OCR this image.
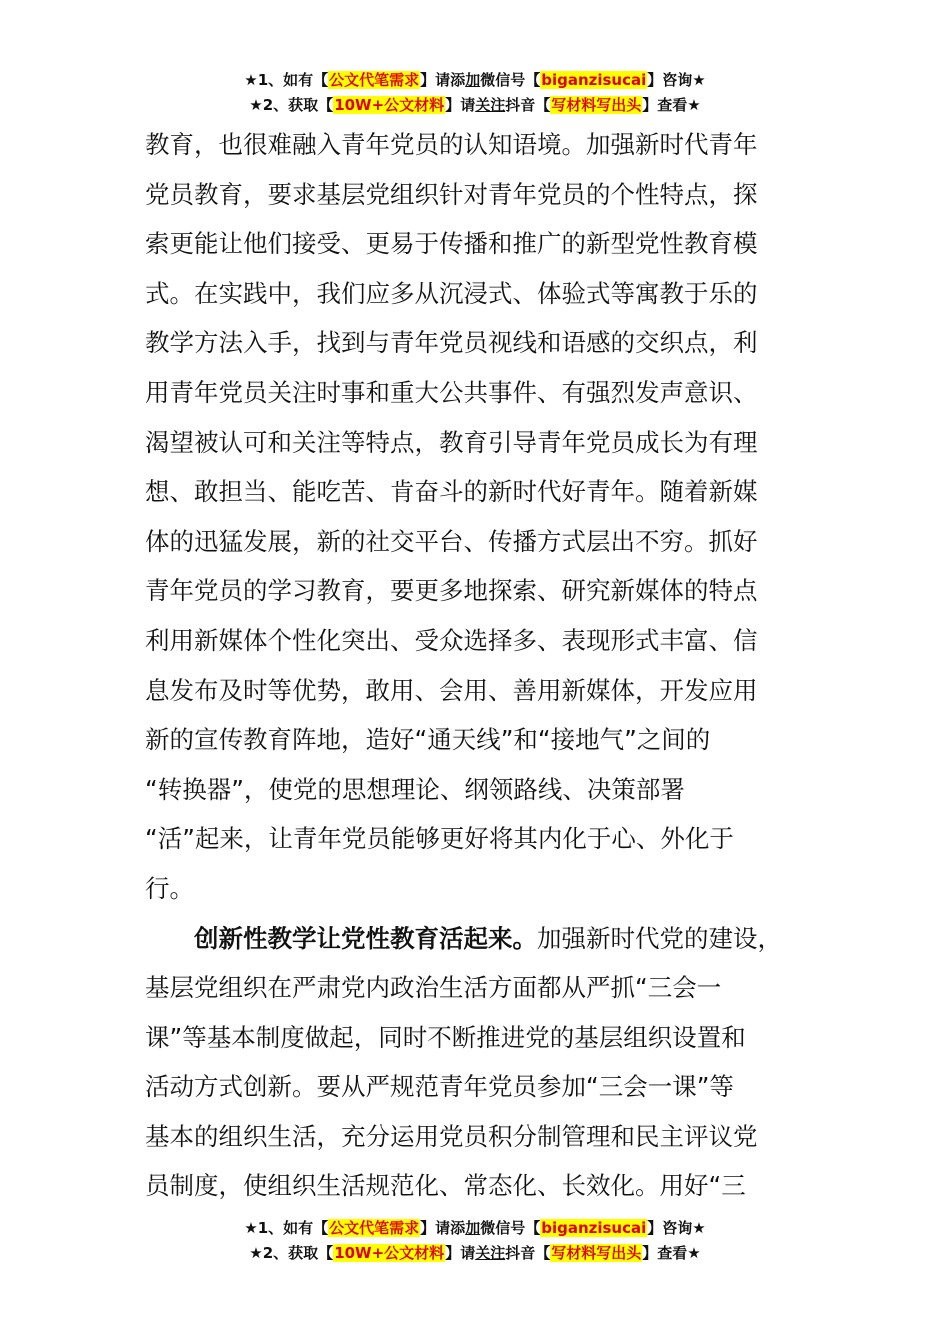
★1、如有【公文代笔需求】请添加微信号【biganzisucai】咨询★
★2、获取【10W+公文材料】请关注抖音【写材料写出头】查看★
教育，也很难融入青年党员的认知语境。加强新时代青年
党员教育，要求基层党组织针对青年党员的个性特点，探
索更能让他们接受、更易于传播和推广的新型党性教育模
式。在实践中，我们应多从沉浸式、体验式等寓教于乐的
教学方法入手，找到与青年党员视线和语感的交织点，利
用青年党员关注时事和重大公共事件、有强烈发声意识、
渴望被认可和关注等特点，教育引导青年党员成长为有理
想、敢担当、能吃苦、肯奋斗的新时代好青年。随着新媒
体的迅猛发展，新的社交平台、传播方式层出不穷。抓好
青年党员的学习教育，要更多地探索、研究新媒体的特点
利用新媒体个性化突出、受众选择多、表现形式丰富、信
息发布及时等优势，敢用、会用、善用新媒体，开发应用
新的宣传教育阵地，造好“通天线”和“接地气”之间的
“转换器”，使党的思想理论、纲领路线、决策部署
“活”起来，让青年党员能够更好将其内化于心、外化于
行。
创新性教学让党性教育活起来。加强新时代党的建设，
基层党组织在严肃党内政治生活方面都从严抓“三会一
课”等基本制度做起，同时不断推进党的基层组织设置和
活动方式创新。要从严规范青年党员参加“三会一课”等
基本的组织生活，充分运用党员积分制管理和民主评议党
员制度，使组织生活规范化、常态化、长效化。用好“三
★1、如有【公文代笔需求】请添加微信号【biganzisucai】咨询★
★2、获取【10W+公文材料】请关注抖音【写材料写出头】查看★
